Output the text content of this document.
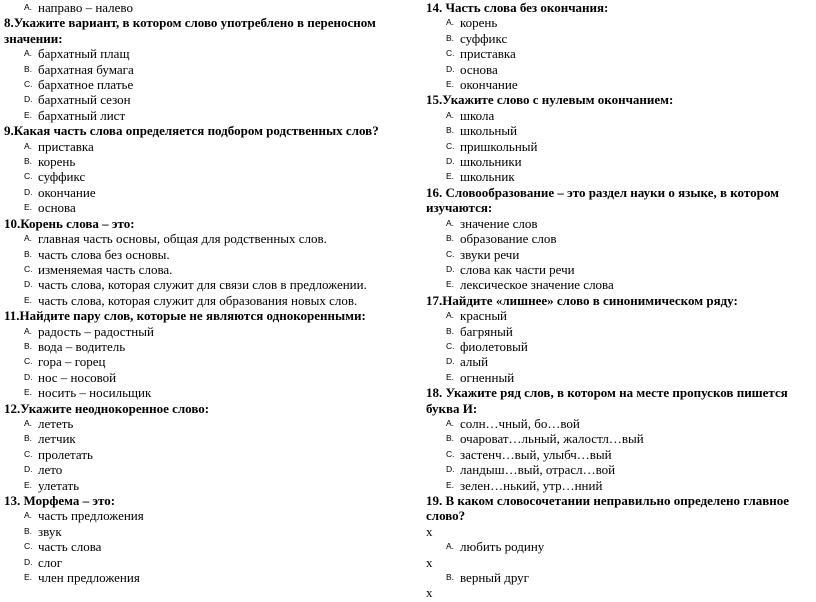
A. направо – налево
8.Укажите вариант, в котором слово употреблено в переносном значении:
A. бархатный плащ
B. бархатная бумага
C. бархатное платье
D. бархатный сезон
E. бархатный лист
9.Какая часть слова определяется подбором родственных слов?
A. приставка
B. корень
C. суффикс
D. окончание
E. основа
10.Корень слова – это:
A. главная часть основы, общая для родственных слов.
B. часть слова без основы.
C. изменяемая часть слова.
D. часть слова, которая служит для связи слов в предложении.
E. часть слова, которая служит для образования новых слов.
11.Найдите пару слов, которые не являются однокоренными:
A. радость – радостный
B. вода – водитель
C. гора – горец
D. нос – носовой
E. носить – носильщик
12.Укажите неоднокоренное слово:
A. лететь
B. летчик
C. пролетать
D. лето
E. улетать
13. Морфема – это:
A. часть предложения
B. звук
C. часть слова
D. слог
E. член предложения
14. Часть слова без окончания:
A. корень
B. суффикс
C. приставка
D. основа
E. окончание
15.Укажите слово с нулевым окончанием:
A. школа
B. школьный
C. пришкольный
D. школьники
E. школьник
16. Словообразование – это раздел науки о языке, в котором изучаются:
A. значение слов
B. образование слов
C. звуки речи
D. слова как части речи
E. лексическое значение слова
17.Найдите «лишнее» слово в синонимическом ряду:
A. красный
B. багряный
C. фиолетовый
D. алый
E. огненный
18. Укажите ряд слов, в котором на месте пропусков пишется буква И:
A. солн…чный, бо…вой
B. очароват…льный, жалостл…вый
C. застенч…вый, улыбч…вый
D. ландыш…вый, отрасл…вой
E. зелен…нький, утр…нний
19. В каком словосочетании неправильно определено главное слово?
x
A. любить родину
x
B. верный друг
x
